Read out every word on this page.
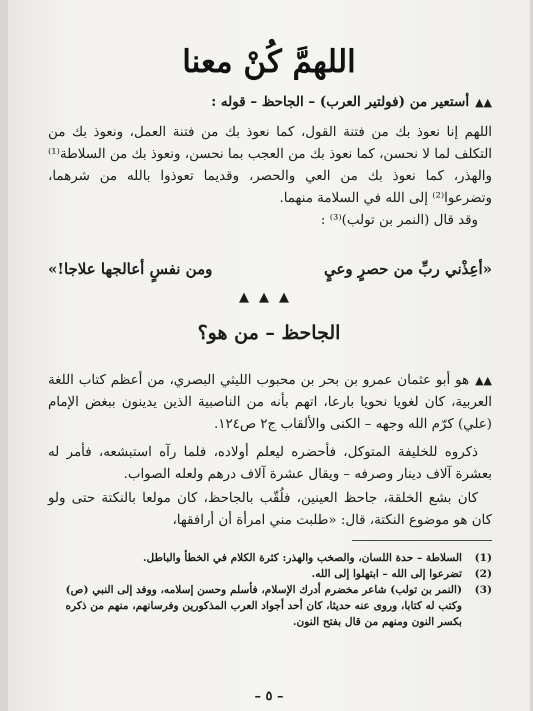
اللهمَّ كُنْ معنا
▲▲أستعير من (فولتير العرب) – الجاحظ – قوله :
اللهم إنا نعوذ بك من فتنة القول، كما نعوذ بك من فتنة العمل، ونعوذ بك من التكلف لما لا نحسن، كما نعوذ بك من العجب بما نحسن، ونعوذ بك من السلاطة⁽¹⁾ والهذر، كما نعوذ بك من العي والحصر، وقديما تعوذوا بالله من شرهما، وتضرعوا⁽²⁾ إلى الله في السلامة منهما.
وقد قال (النمر بن تولب)⁽³⁾ :
«أعِذْني ربِّ من حصرٍ وعيٍ
ومن نفسٍ أعالجها علاجا!»
▲▲▲
الجاحظ – من هو؟
▲▲هو أبو عثمان عمرو بن بحر بن محبوب الليثي البصري، من أعظم كتاب اللغة العربية، كان لغويا نحويا بارعا، اتهم بأنه من الناصبية الذين يدينون ببغض الإمام (علي) كرّم الله وجهه – الكنى والألقاب ج٢ ص١٢٤.
ذكروه للخليفة المتوكل، فأحضره ليعلم أولاده، فلما رآه استبشعه، فأمر له بعشرة آلاف دينار وصرفه – ويقال عشرة آلاف درهم ولعله الصواب.
كان بشع الخلقة، جاحظ العينين، فلُقّب بالجاحظ، كان مولعا بالنكتة حتى ولو كان هو موضوع النكتة، قال: «طلبت مني امرأة أن أرافقها،
(1)
السلاطة – حدة اللسان، والصخب والهذر: كثرة الكلام في الخطأ والباطل.
(2)
تضرعوا إلى الله – ابتهلوا إلى الله.
(3)
(النمر بن تولب) شاعر مخضرم أدرك الإسلام، فأسلم وحسن إسلامه، ووفد إلى النبي (ص) وكتب له كتابا، وروى عنه حديثا، كان أحد أجواد العرب المذكورين وفرسانهم، منهم من ذكره بكسر النون ومنهم من قال بفتح النون.
– ٥ –
